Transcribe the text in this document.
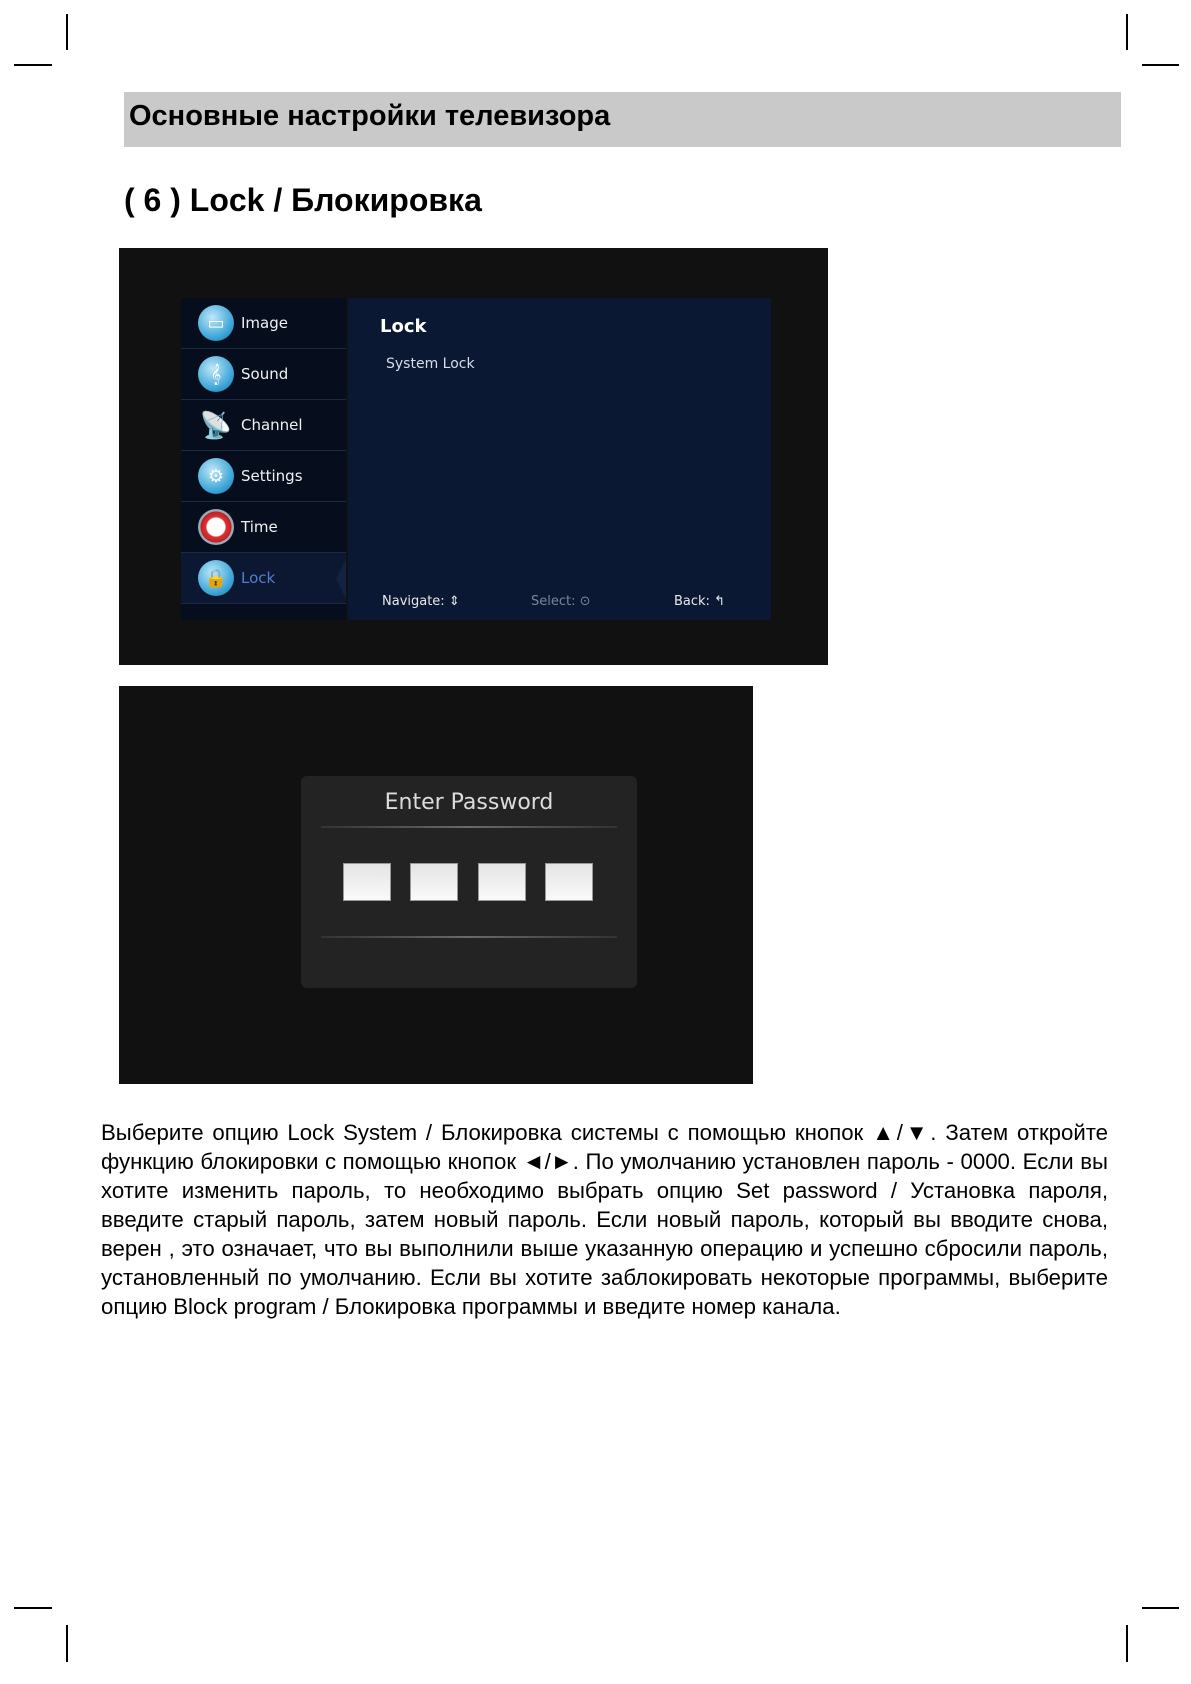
Основные настройки телевизора
( 6 ) Lock / Блокировка
▭	Image
𝄞	Sound
📡 Channel
⚙	Settings
◷	Time
🔒 Lock
Lock
System Lock
Navigate: ⇕	Select: ⊙	Back: ↰
Enter Password

Выберите опцию Lock System / Блокировка системы с помощью кнопок ▲/▼. Затем откройте функцию блокировки с помощью кнопок ◄/►. По умолчанию установлен пароль - 0000. Если вы хотите изменить пароль, то необходимо выбрать опцию Set password / Установка пароля, введите старый пароль, затем новый пароль. Если новый пароль, который вы вводите снова, верен , это означает, что вы выполнили выше указанную операцию и успешно сбросили пароль, установленный по умолчанию. Если вы хотите заблокировать некоторые программы, выберите опцию Block program / Блокировка программы и введите номер канала.
